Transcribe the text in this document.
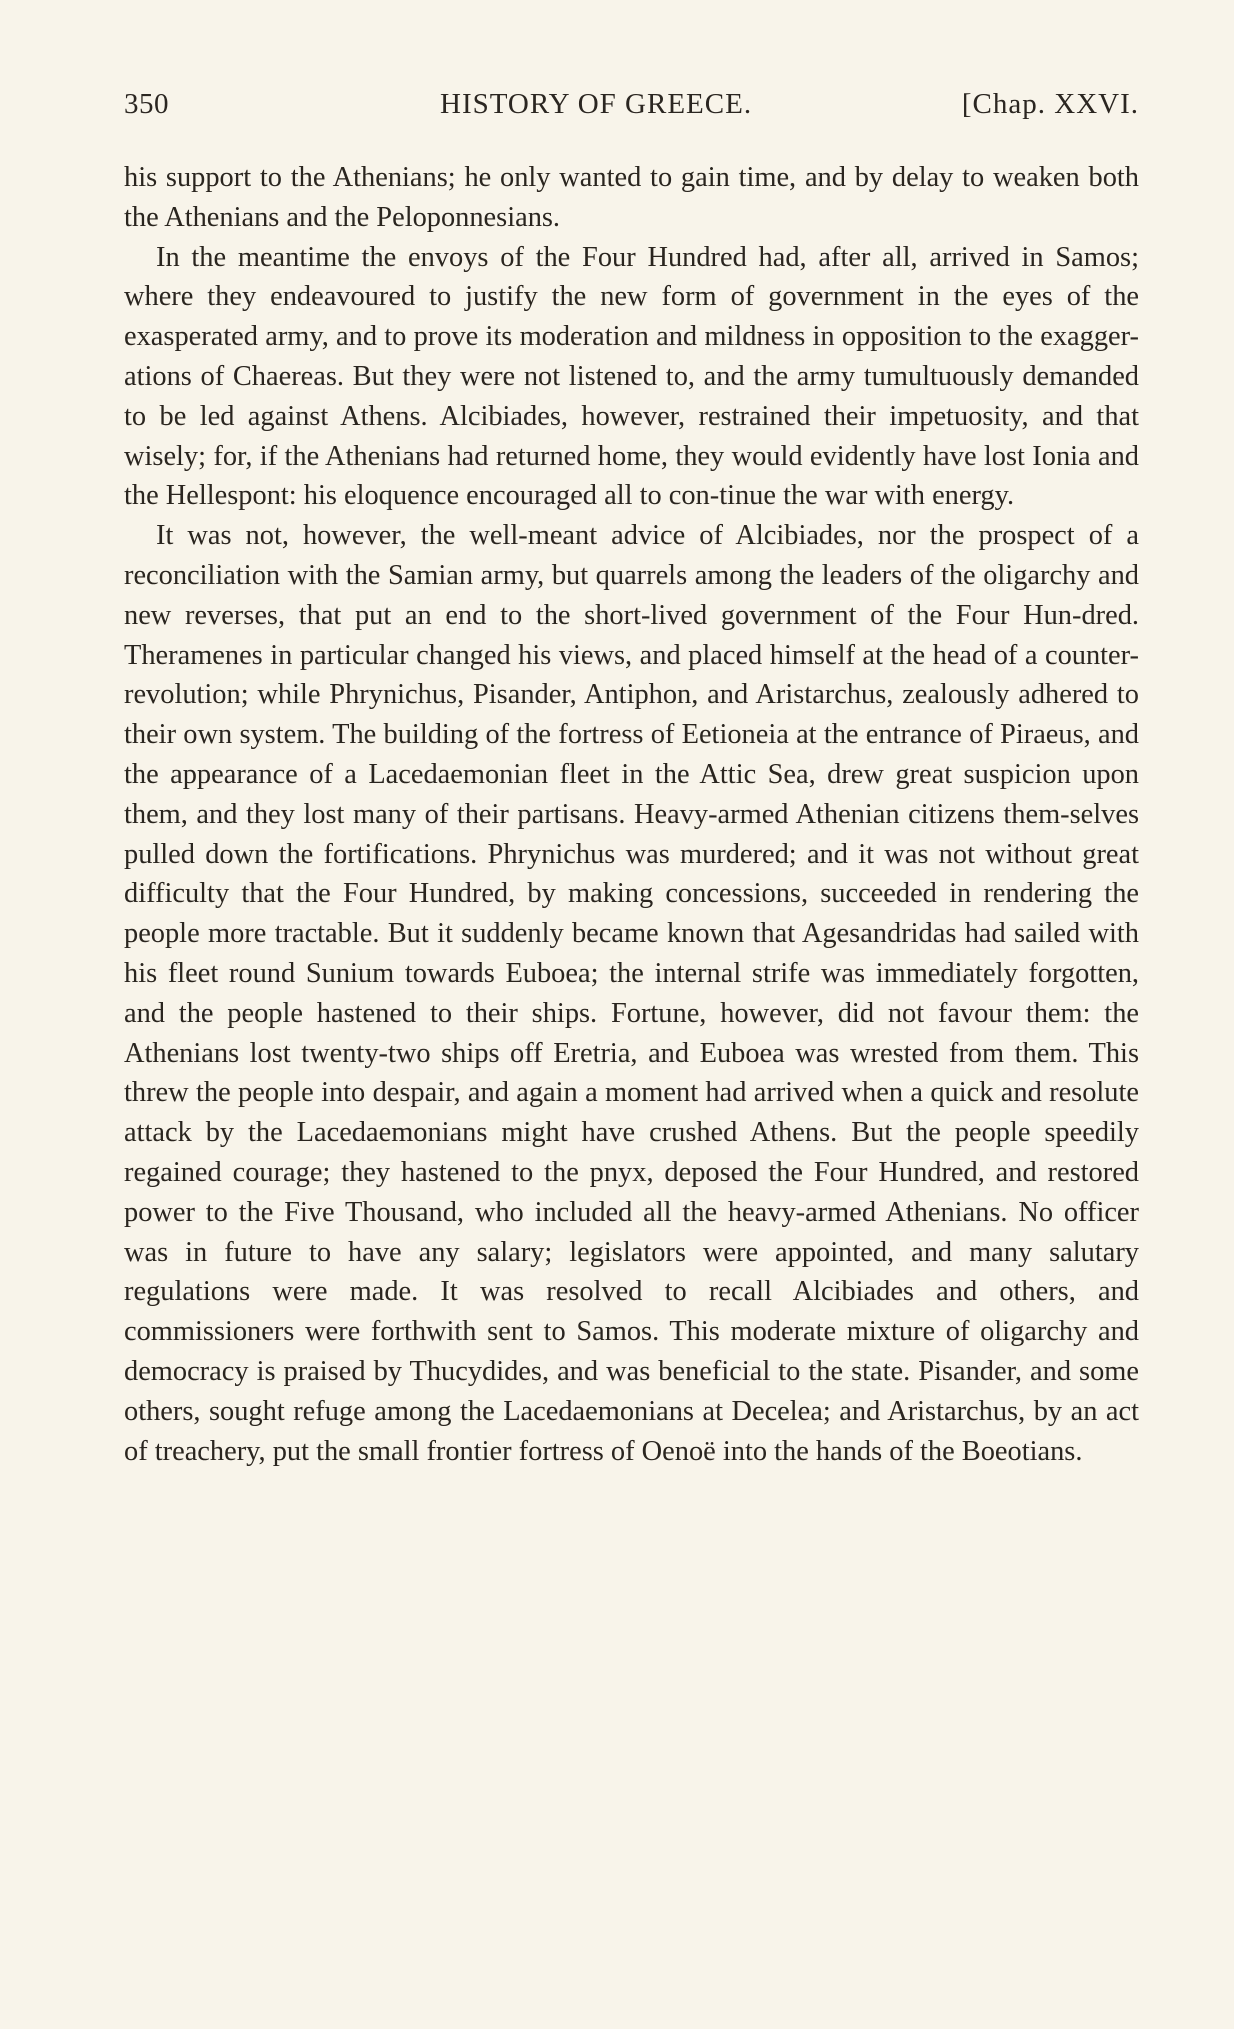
350	HISTORY OF GREECE.	[Chap. XXVI.

his support to the Athenians; he only wanted to gain time, and by delay to weaken both the Athenians and the Peloponnesians.

In the meantime the envoys of the Four Hundred had, after all, arrived in Samos; where they endeavoured to justify the new form of government in the eyes of the exasperated army, and to prove its moderation and mildness in opposition to the exagger-ations of Chaereas. But they were not listened to, and the army tumultuously demanded to be led against Athens. Alcibiades, however, restrained their impetuosity, and that wisely; for, if the Athenians had returned home, they would evidently have lost Ionia and the Hellespont: his eloquence encouraged all to con-tinue the war with energy.

It was not, however, the well-meant advice of Alcibiades, nor the prospect of a reconciliation with the Samian army, but quarrels among the leaders of the oligarchy and new reverses, that put an end to the short-lived government of the Four Hun-dred. Theramenes in particular changed his views, and placed himself at the head of a counter-revolution; while Phrynichus, Pisander, Antiphon, and Aristarchus, zealously adhered to their own system. The building of the fortress of Eetioneia at the entrance of Piraeus, and the appearance of a Lacedaemonian fleet in the Attic Sea, drew great suspicion upon them, and they lost many of their partisans. Heavy-armed Athenian citizens them-selves pulled down the fortifications. Phrynichus was murdered; and it was not without great difficulty that the Four Hundred, by making concessions, succeeded in rendering the people more tractable. But it suddenly became known that Agesandridas had sailed with his fleet round Sunium towards Euboea; the internal strife was immediately forgotten, and the people hastened to their ships. Fortune, however, did not favour them: the Athenians lost twenty-two ships off Eretria, and Euboea was wrested from them. This threw the people into despair, and again a moment had arrived when a quick and resolute attack by the Lacedaemonians might have crushed Athens. But the people speedily regained courage; they hastened to the pnyx, deposed the Four Hundred, and restored power to the Five Thousand, who included all the heavy-armed Athenians. No officer was in future to have any salary; legislators were appointed, and many salutary regulations were made. It was resolved to recall Alcibiades and others, and commissioners were forthwith sent to Samos. This moderate mixture of oligarchy and democracy is praised by Thucydides, and was beneficial to the state. Pisander, and some others, sought refuge among the Lacedaemonians at Decelea; and Aristarchus, by an act of treachery, put the small frontier fortress of Oenoë into the hands of the Boeotians.
